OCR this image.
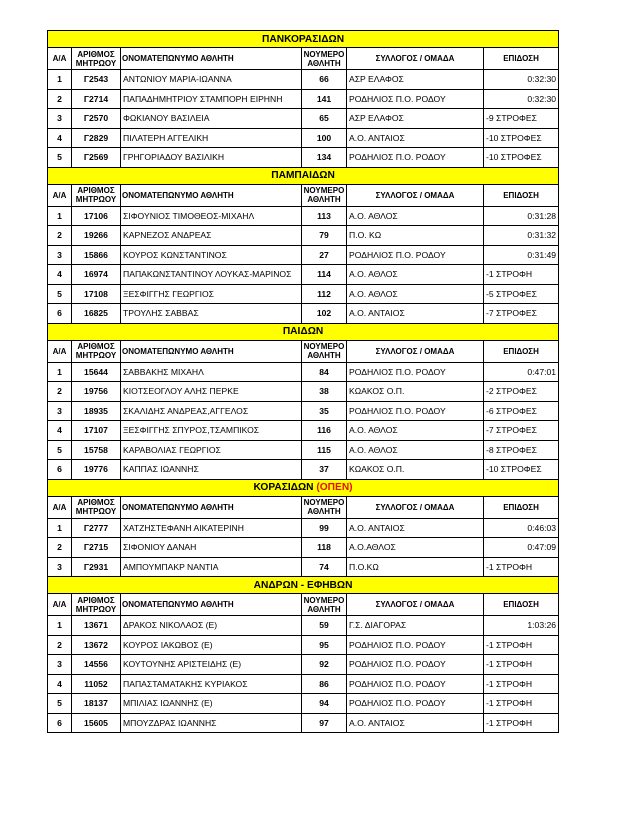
ΠΑΝΚΟΡΑΣΙΔΩΝ					
Α/Α	ΑΡΙΘΜΟΣ ΜΗΤΡΩΟΥ	ΟΝΟΜΑΤΕΠΩΝΥΜΟ ΑΘΛΗΤΗ	ΝΟΥΜΕΡΟ ΑΘΛΗΤΗ	ΣΥΛΛΟΓΟΣ / ΟΜΑΔΑ	ΕΠΙΔΟΣΗ
1	Γ2543	ΑΝΤΩΝΙΟΥ ΜΑΡΙΑ-ΙΩΑΝΝΑ	66	ΑΣΡ ΕΛΑΦΟΣ	0:32:30
2	Γ2714	ΠΑΠΑΔΗΜΗΤΡΙΟΥ ΣΤΑΜΠΟΡΗ ΕΙΡΗΝΗ	141	ΡΟΔΗΛΙΟΣ Π.Ο. ΡΟΔΟΥ	0:32:30
3	Γ2570	ΦΩΚΙΑΝΟΥ ΒΑΣΙΛΕΙΑ	65	ΑΣΡ ΕΛΑΦΟΣ	-9 ΣΤΡΟΦΕΣ
4	Γ2829	ΠΙΛΑΤΕΡΗ ΑΓΓΕΛΙΚΗ	100	Α.Ο. ΑΝΤΑΙΟΣ	-10 ΣΤΡΟΦΕΣ
5	Γ2569	ΓΡΗΓΟΡΙΑΔΟΥ ΒΑΣΙΛΙΚΗ	134	ΡΟΔΗΛΙΟΣ Π.Ο. ΡΟΔΟΥ	-10 ΣΤΡΟΦΕΣ
ΠΑΜΠΑΙΔΩΝ					
Α/Α	ΑΡΙΘΜΟΣ ΜΗΤΡΩΟΥ	ΟΝΟΜΑΤΕΠΩΝΥΜΟ ΑΘΛΗΤΗ	ΝΟΥΜΕΡΟ ΑΘΛΗΤΗ	ΣΥΛΛΟΓΟΣ / ΟΜΑΔΑ	ΕΠΙΔΟΣΗ
1	17106	ΣΙΦΟΥΝΙΟΣ ΤΙΜΟΘΕΟΣ-ΜΙΧΑΗΛ	113	Α.Ο. ΑΘΛΟΣ	0:31:28
2	19266	ΚΑΡΝΕΖΟΣ ΑΝΔΡΕΑΣ	79	Π.Ο. ΚΩ	0:31:32
3	15866	ΚΟΥΡΟΣ ΚΩΝΣΤΑΝΤΙΝΟΣ	27	ΡΟΔΗΛΙΟΣ Π.Ο. ΡΟΔΟΥ	0:31:49
4	16974	ΠΑΠΑΚΩΝΣΤΑΝΤΙΝΟΥ ΛΟΥΚΑΣ-ΜΑΡΙΝΟΣ	114	Α.Ο. ΑΘΛΟΣ	-1 ΣΤΡΟΦΗ
5	17108	ΞΕΣΦΙΓΓΗΣ ΓΕΩΡΓΙΟΣ	112	Α.Ο. ΑΘΛΟΣ	-5 ΣΤΡΟΦΕΣ
6	16825	ΤΡΟΥΛΗΣ ΣΑΒΒΑΣ	102	Α.Ο. ΑΝΤΑΙΟΣ	-7 ΣΤΡΟΦΕΣ
ΠΑΙΔΩΝ					
Α/Α	ΑΡΙΘΜΟΣ ΜΗΤΡΩΟΥ	ΟΝΟΜΑΤΕΠΩΝΥΜΟ ΑΘΛΗΤΗ	ΝΟΥΜΕΡΟ ΑΘΛΗΤΗ	ΣΥΛΛΟΓΟΣ / ΟΜΑΔΑ	ΕΠΙΔΟΣΗ
1	15644	ΣΑΒΒΑΚΗΣ ΜΙΧΑΗΛ	84	ΡΟΔΗΛΙΟΣ Π.Ο. ΡΟΔΟΥ	0:47:01
2	19756	ΚΙΟΤΣΕΟΓΛΟΥ ΑΛΗΣ ΠΕΡΚΕ	38	ΚΩΑΚΟΣ Ο.Π.	-2 ΣΤΡΟΦΕΣ
3	18935	ΣΚΑΛΙΔΗΣ ΑΝΔΡΕΑΣ,ΑΓΓΕΛΟΣ	35	ΡΟΔΗΛΙΟΣ Π.Ο. ΡΟΔΟΥ	-6 ΣΤΡΟΦΕΣ
4	17107	ΞΕΣΦΙΓΓΗΣ ΣΠΥΡΟΣ,ΤΣΑΜΠΙΚΟΣ	116	Α.Ο. ΑΘΛΟΣ	-7 ΣΤΡΟΦΕΣ
5	15758	ΚΑΡΑΒΟΛΙΑΣ ΓΕΩΡΓΙΟΣ	115	Α.Ο. ΑΘΛΟΣ	-8 ΣΤΡΟΦΕΣ
6	19776	ΚΑΠΠΑΣ ΙΩΑΝΝΗΣ	37	ΚΩΑΚΟΣ Ο.Π.	-10 ΣΤΡΟΦΕΣ
ΚΟΡΑΣΙΔΩΝ (ΟΠΕΝ)					
Α/Α	ΑΡΙΘΜΟΣ ΜΗΤΡΩΟΥ	ΟΝΟΜΑΤΕΠΩΝΥΜΟ ΑΘΛΗΤΗ	ΝΟΥΜΕΡΟ ΑΘΛΗΤΗ	ΣΥΛΛΟΓΟΣ / ΟΜΑΔΑ	ΕΠΙΔΟΣΗ
1	Γ2777	ΧΑΤΖΗΣΤΕΦΑΝΗ ΑΙΚΑΤΕΡΙΝΗ	99	Α.Ο. ΑΝΤΑΙΟΣ	0:46:03
2	Γ2715	ΣΙΦΟΝΙΟΥ ΔΑΝΑΗ	118	Α.Ο.ΑΘΛΟΣ	0:47:09
3	Γ2931	ΑΜΠΟΥΜΠΑΚΡ ΝΑΝΤΙΑ	74	Π.Ο.ΚΩ	-1 ΣΤΡΟΦΗ
ΑΝΔΡΩΝ - ΕΦΗΒΩΝ					
Α/Α	ΑΡΙΘΜΟΣ ΜΗΤΡΩΟΥ	ΟΝΟΜΑΤΕΠΩΝΥΜΟ ΑΘΛΗΤΗ	ΝΟΥΜΕΡΟ ΑΘΛΗΤΗ	ΣΥΛΛΟΓΟΣ / ΟΜΑΔΑ	ΕΠΙΔΟΣΗ
1	13671	ΔΡΑΚΟΣ ΝΙΚΟΛΑΟΣ (Ε)	59	Γ.Σ. ΔΙΑΓΟΡΑΣ	1:03:26
2	13672	ΚΟΥΡΟΣ ΙΑΚΩΒΟΣ (Ε)	95	ΡΟΔΗΛΙΟΣ Π.Ο. ΡΟΔΟΥ	-1 ΣΤΡΟΦΗ
3	14556	ΚΟΥΤΟΥΝΗΣ ΑΡΙΣΤΕΙΔΗΣ (Ε)	92	ΡΟΔΗΛΙΟΣ Π.Ο. ΡΟΔΟΥ	-1 ΣΤΡΟΦΗ
4	11052	ΠΑΠΑΣΤΑΜΑΤΑΚΗΣ ΚΥΡΙΑΚΟΣ	86	ΡΟΔΗΛΙΟΣ Π.Ο. ΡΟΔΟΥ	-1 ΣΤΡΟΦΗ
5	18137	ΜΠΙΛΙΑΣ ΙΩΑΝΝΗΣ (Ε)	94	ΡΟΔΗΛΙΟΣ Π.Ο. ΡΟΔΟΥ	-1 ΣΤΡΟΦΗ
6	15605	ΜΠΟΥΖΔΡΑΣ ΙΩΑΝΝΗΣ	97	Α.Ο. ΑΝΤΑΙΟΣ	-1 ΣΤΡΟΦΗ
